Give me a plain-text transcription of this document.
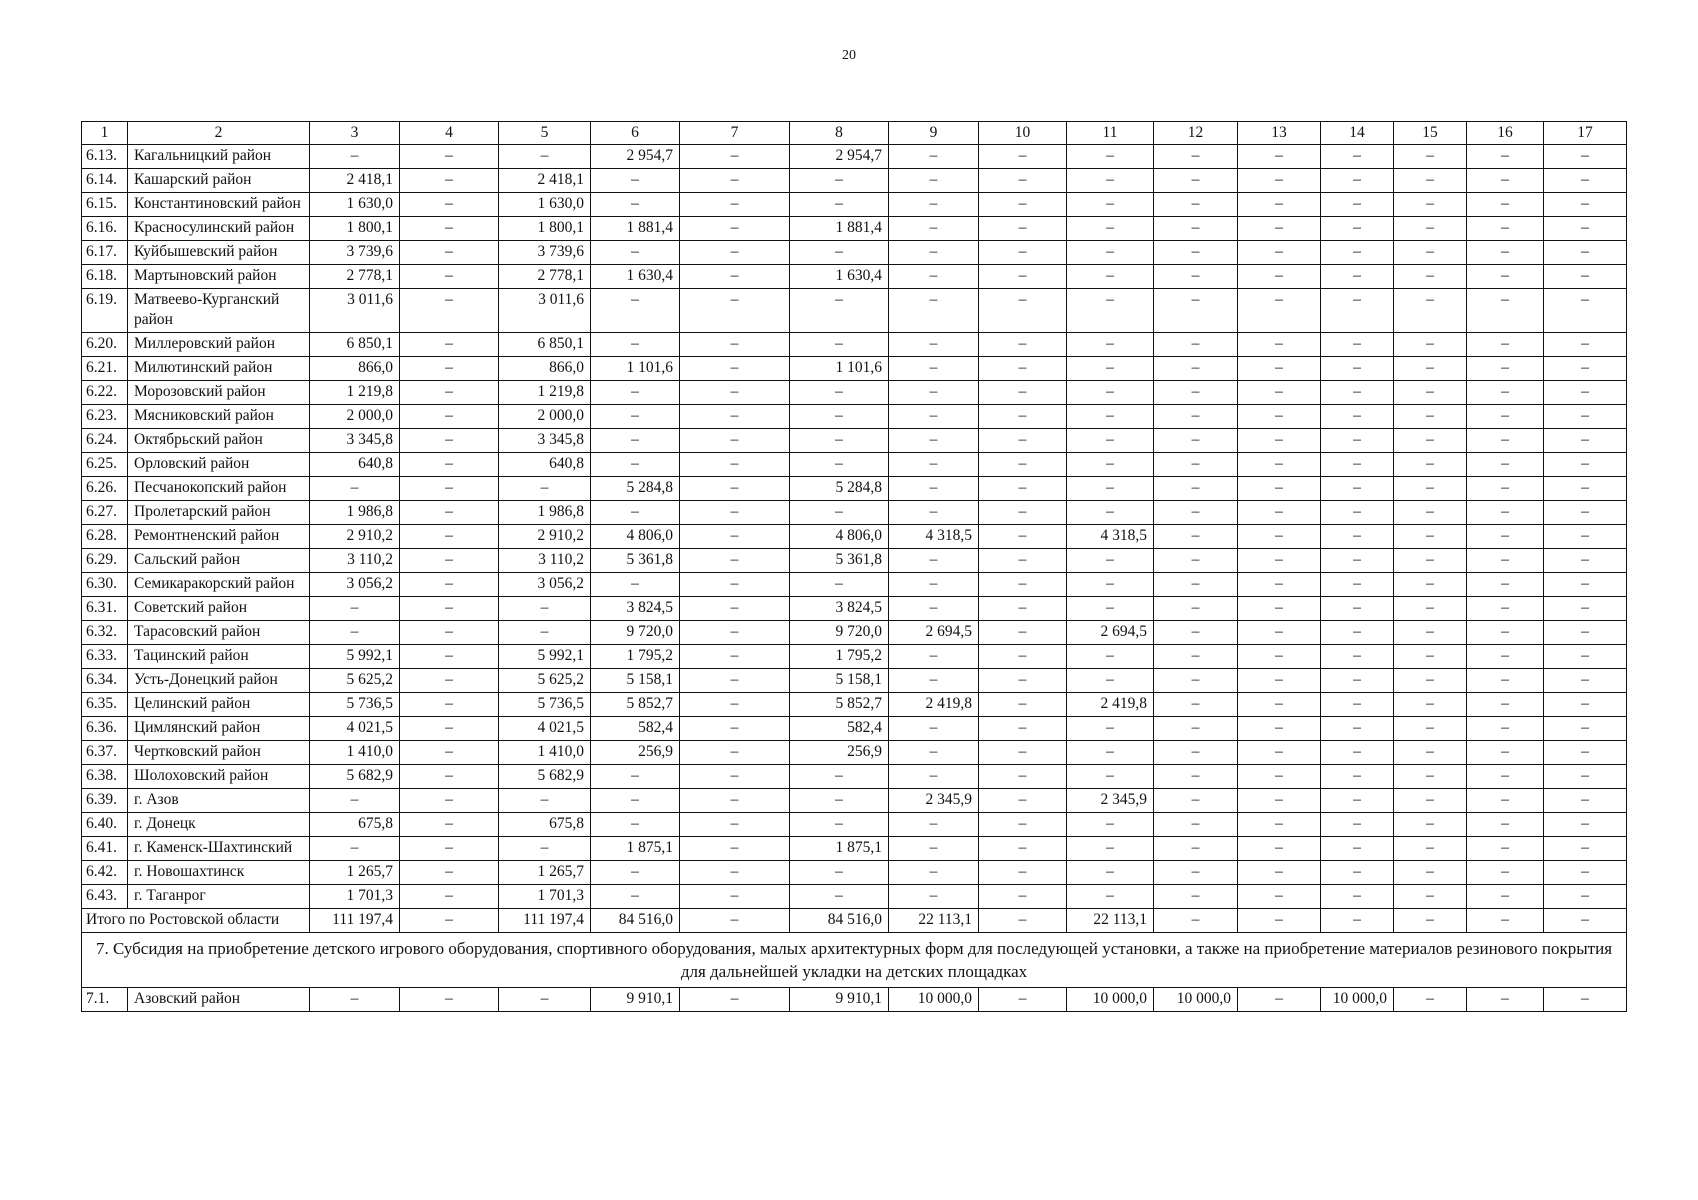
20
1	2	3	4	5	6	7	8	9	10	11	12	13	14	15	16	17
6.13.	Кагальницкий район	–	–	–	2 954,7	–	2 954,7	–	–	–	–	–	–	–	–	–
6.14.	Кашарский район	2 418,1	–	2 418,1	–	–	–	–	–	–	–	–	–	–	–	–
6.15.	Константиновский район	1 630,0	–	1 630,0	–	–	–	–	–	–	–	–	–	–	–	–
6.16.	Красносулинский район	1 800,1	–	1 800,1	1 881,4	–	1 881,4	–	–	–	–	–	–	–	–	–
6.17.	Куйбышевский район	3 739,6	–	3 739,6	–	–	–	–	–	–	–	–	–	–	–	–
6.18.	Мартыновский район	2 778,1	–	2 778,1	1 630,4	–	1 630,4	–	–	–	–	–	–	–	–	–
6.19.	Матвеево-Курганский район	3 011,6	–	3 011,6	–	–	–	–	–	–	–	–	–	–	–	–
6.20.	Миллеровский район	6 850,1	–	6 850,1	–	–	–	–	–	–	–	–	–	–	–	–
6.21.	Милютинский район	866,0	–	866,0	1 101,6	–	1 101,6	–	–	–	–	–	–	–	–	–
6.22.	Морозовский район	1 219,8	–	1 219,8	–	–	–	–	–	–	–	–	–	–	–	–
6.23.	Мясниковский район	2 000,0	–	2 000,0	–	–	–	–	–	–	–	–	–	–	–	–
6.24.	Октябрьский район	3 345,8	–	3 345,8	–	–	–	–	–	–	–	–	–	–	–	–
6.25.	Орловский район	640,8	–	640,8	–	–	–	–	–	–	–	–	–	–	–	–
6.26.	Песчанокопский район	–	–	–	5 284,8	–	5 284,8	–	–	–	–	–	–	–	–	–
6.27.	Пролетарский район	1 986,8	–	1 986,8	–	–	–	–	–	–	–	–	–	–	–	–
6.28.	Ремонтненский район	2 910,2	–	2 910,2	4 806,0	–	4 806,0	4 318,5	–	4 318,5	–	–	–	–	–	–
6.29.	Сальский район	3 110,2	–	3 110,2	5 361,8	–	5 361,8	–	–	–	–	–	–	–	–	–
6.30.	Семикаракорский район	3 056,2	–	3 056,2	–	–	–	–	–	–	–	–	–	–	–	–
6.31.	Советский район	–	–	–	3 824,5	–	3 824,5	–	–	–	–	–	–	–	–	–
6.32.	Тарасовский район	–	–	–	9 720,0	–	9 720,0	2 694,5	–	2 694,5	–	–	–	–	–	–
6.33.	Тацинский район	5 992,1	–	5 992,1	1 795,2	–	1 795,2	–	–	–	–	–	–	–	–	–
6.34.	Усть-Донецкий район	5 625,2	–	5 625,2	5 158,1	–	5 158,1	–	–	–	–	–	–	–	–	–
6.35.	Целинский район	5 736,5	–	5 736,5	5 852,7	–	5 852,7	2 419,8	–	2 419,8	–	–	–	–	–	–
6.36.	Цимлянский район	4 021,5	–	4 021,5	582,4	–	582,4	–	–	–	–	–	–	–	–	–
6.37.	Чертковский район	1 410,0	–	1 410,0	256,9	–	256,9	–	–	–	–	–	–	–	–	–
6.38.	Шолоховский район	5 682,9	–	5 682,9	–	–	–	–	–	–	–	–	–	–	–	–
6.39.	г. Азов	–	–	–	–	–	–	2 345,9	–	2 345,9	–	–	–	–	–	–
6.40.	г. Донецк	675,8	–	675,8	–	–	–	–	–	–	–	–	–	–	–	–
6.41.	г. Каменск-Шахтинский	–	–	–	1 875,1	–	1 875,1	–	–	–	–	–	–	–	–	–
6.42.	г. Новошахтинск	1 265,7	–	1 265,7	–	–	–	–	–	–	–	–	–	–	–	–
6.43.	г. Таганрог	1 701,3	–	1 701,3	–	–	–	–	–	–	–	–	–	–	–	–
Итого по Ростовской области		111 197,4	–	111 197,4	84 516,0	–	84 516,0	22 113,1	–	22 113,1	–	–	–	–	–	–
7. Субсидия на приобретение детского игрового оборудования, спортивного оборудования, малых архитектурных форм для последующей установки, а также на приобретение материалов резинового покрытия для дальнейшей укладки на детских площадках																
7.1.	Азовский район	–	–	–	9 910,1	–	9 910,1	10 000,0	–	10 000,0	10 000,0	–	10 000,0	–	–	–
